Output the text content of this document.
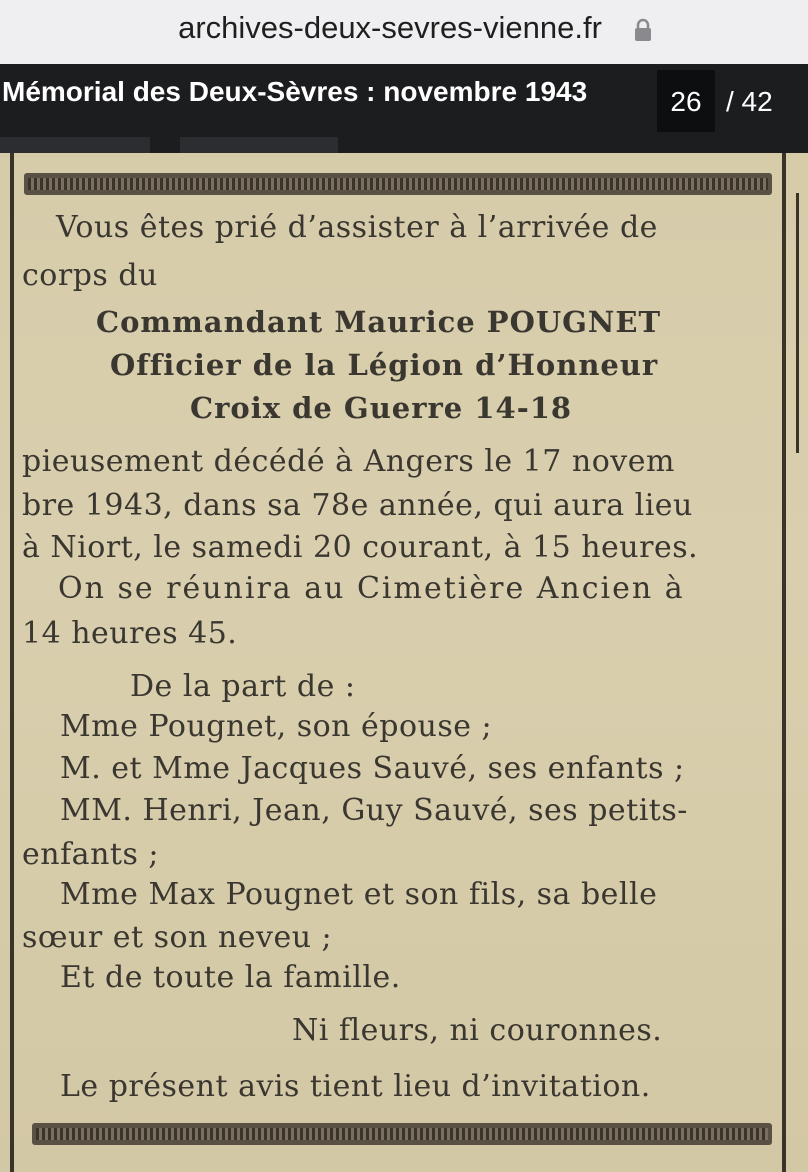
archives-deux-sevres-vienne.fr
Mémorial des Deux-Sèvres : novembre 1943	26 / 42
Vous êtes prié d’assister à l’arrivée de
corps du
Commandant Maurice POUGNET
Officier de la Légion d’Honneur
Croix de Guerre 14-18
pieusement décédé à Angers le 17 novem
bre 1943, dans sa 78e année, qui aura lieu
à Niort, le samedi 20 courant, à 15 heures.
On se réunira au Cimetière Ancien à
14 heures 45.
De la part de :
Mme Pougnet, son épouse ;
M. et Mme Jacques Sauvé, ses enfants ;
MM. Henri, Jean, Guy Sauvé, ses petits-
enfants ;
Mme Max Pougnet et son fils, sa belle
sœur et son neveu ;
Et de toute la famille.
Ni fleurs, ni couronnes.
Le présent avis tient lieu d’invitation.
